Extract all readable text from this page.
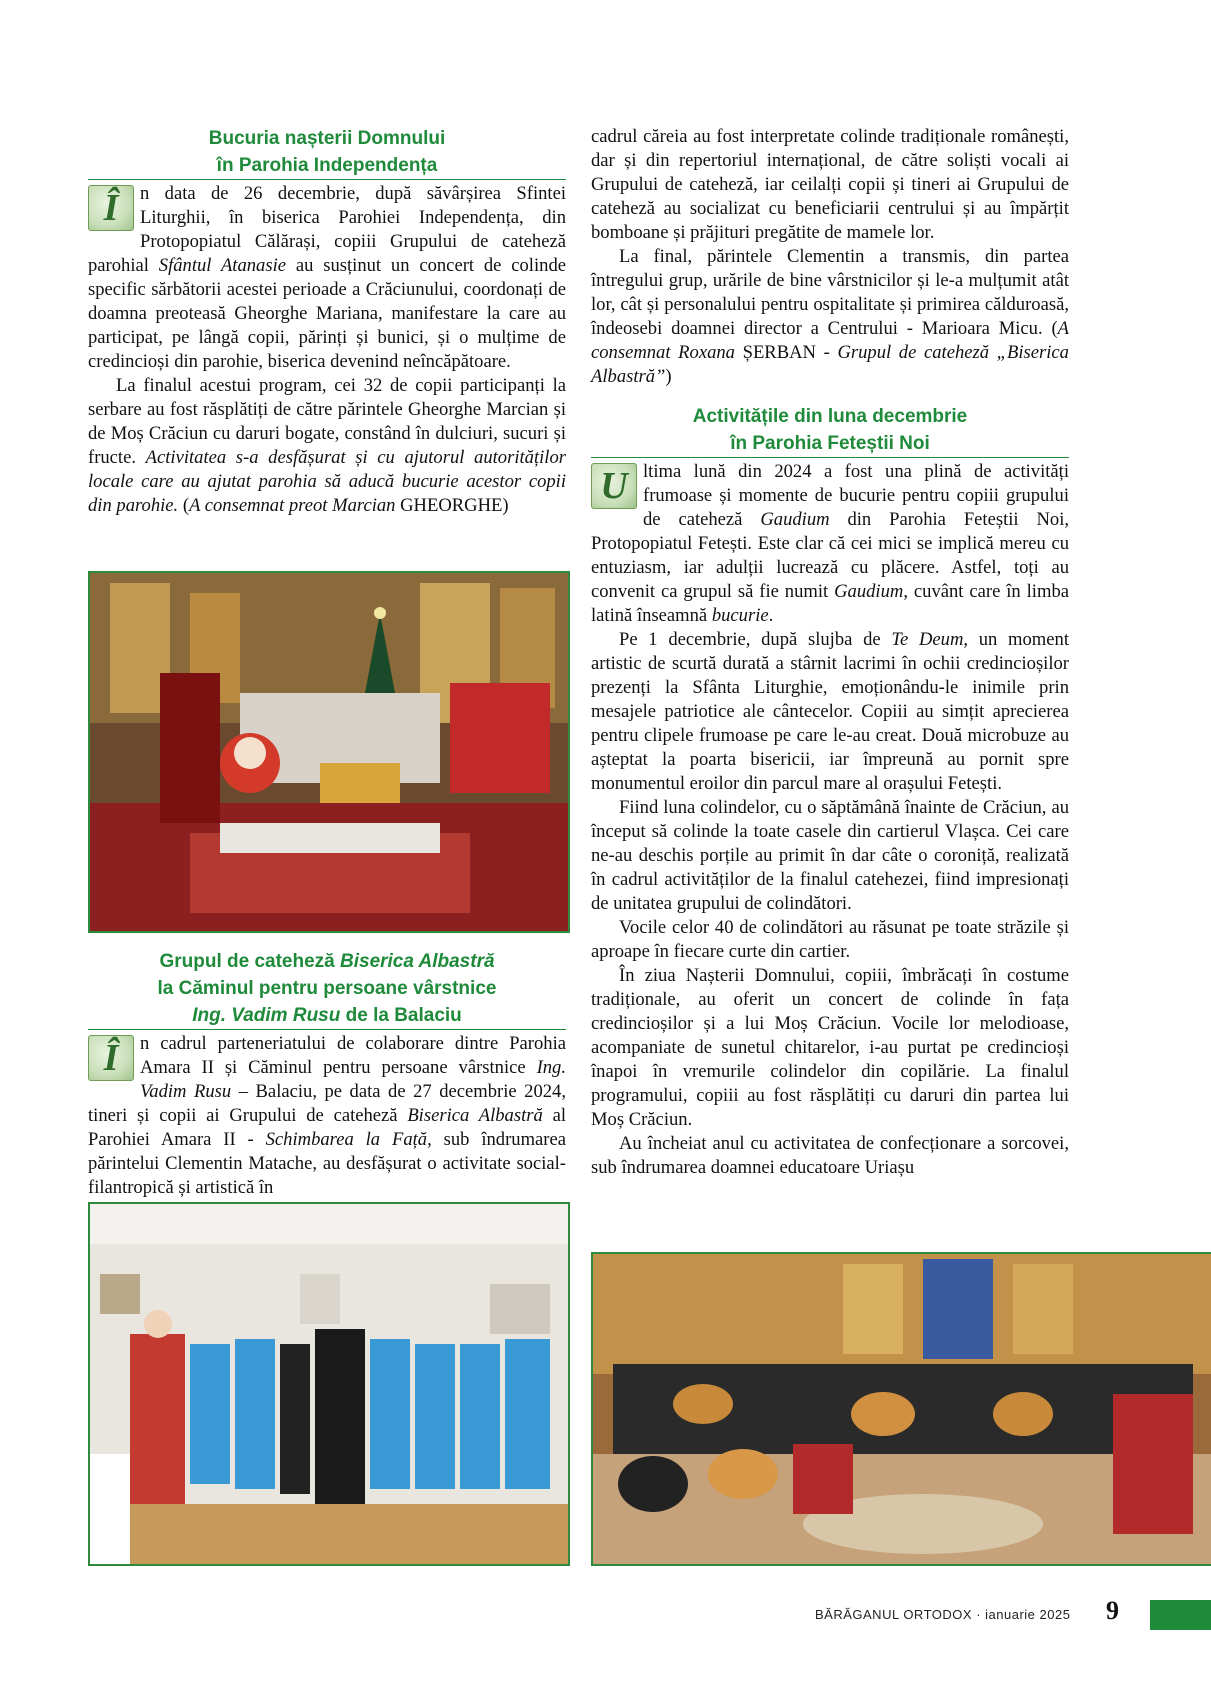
Bucuria nașterii Domnului
în Parohia Independența

Î	n data de 26 decembrie, după săvârșirea Sfintei Liturghii, în biserica Parohiei Independența, din Protopopiatul Călărași, copiii Grupului de cateheză parohial Sfântul Atanasie au susținut un concert de colinde specific sărbătorii acestei perioade a Crăciunului, coordonați de doamna preoteasă Gheorghe Mariana, manifestare la care au participat, pe lângă copii, părinți și bunici, și o mulțime de credincioși din parohie, biserica devenind neîncăpătoare.

La finalul acestui program, cei 32 de copii participanți la serbare au fost răsplătiți de către părintele Gheorghe Marcian și de Moș Crăciun cu daruri bogate, constând în dulciuri, sucuri și fructe. Activitatea s-a desfășurat și cu ajutorul autorităților locale care au ajutat parohia să aducă bucurie acestor copii din parohie. (A consemnat preot Marcian GHEORGHE)

Grupul de cateheză Biserica Albastră
la Căminul pentru persoane vârstnice
Ing. Vadim Rusu de la Balaciu

Î	n cadrul parteneriatului de colaborare dintre Parohia Amara II și Căminul pentru persoane vârstnice Ing. Vadim Rusu – Balaciu, pe data de 27 decembrie 2024, tineri și copii ai Grupului de cateheză Biserica Albastră al Parohiei Amara II - Schimbarea la Față, sub îndrumarea părintelui Clementin Matache, au desfășurat o activitate social-filantropică și artistică în

cadrul căreia au fost interpretate colinde tradiționale românești, dar și din repertoriul internațional, de către soliști vocali ai Grupului de cateheză, iar ceilalți copii și tineri ai Grupului de cateheză au socializat cu beneficiarii centrului și au împărțit bomboane și prăjituri pregătite de mamele lor.

La final, părintele Clementin a transmis, din partea întregului grup, urările de bine vârstnicilor și le-a mulțumit atât lor, cât și personalului pentru ospitalitate și primirea călduroasă, îndeosebi doamnei director a Centrului - Marioara Micu. (A consemnat Roxana ȘERBAN - Grupul de cateheză „Biserica Albastră”)

Activitățile din luna decembrie
în Parohia Feteștii Noi

U ltima lună din 2024 a fost una plină de activități frumoase și momente de bucurie pentru copiii grupului de cateheză Gaudium din Parohia Feteștii Noi, Protopopiatul Fetești. Este clar că cei mici se implică mereu cu entuziasm, iar adulții lucrează cu plăcere. Astfel, toți au convenit ca grupul să fie numit Gaudium, cuvânt care în limba latină înseamnă bucurie.

Pe 1 decembrie, după slujba de Te Deum, un moment artistic de scurtă durată a stârnit lacrimi în ochii credincioșilor prezenți la Sfânta Liturghie, emoționându-le inimile prin mesajele patriotice ale cântecelor. Copiii au simțit aprecierea pentru clipele frumoase pe care le-au creat. Două microbuze au așteptat la poarta bisericii, iar împreună au pornit spre monumentul eroilor din parcul mare al orașului Fetești.

Fiind luna colindelor, cu o săptămână înainte de Crăciun, au început să colinde la toate casele din cartierul Vlașca. Cei care ne-au deschis porțile au primit în dar câte o coroniță, realizată în cadrul activităților de la finalul catehezei, fiind impresionați de unitatea grupului de colindători.

Vocile celor 40 de colindători au răsunat pe toate străzile și aproape în fiecare curte din cartier.

În ziua Nașterii Domnului, copiii, îmbrăcați în costume tradiționale, au oferit un concert de colinde în fața credincioșilor și a lui Moș Crăciun. Vocile lor melodioase, acompaniate de sunetul chitarelor, i-au purtat pe credincioși înapoi în vremurile colindelor din copilărie. La finalul programului, copiii au fost răsplătiți cu daruri din partea lui Moș Crăciun.

Au încheiat anul cu activitatea de confecționare a sorcovei, sub îndrumarea doamnei educatoare Uriașu

BĂRĂGANUL ORTODOX · ianuarie 2025 9
